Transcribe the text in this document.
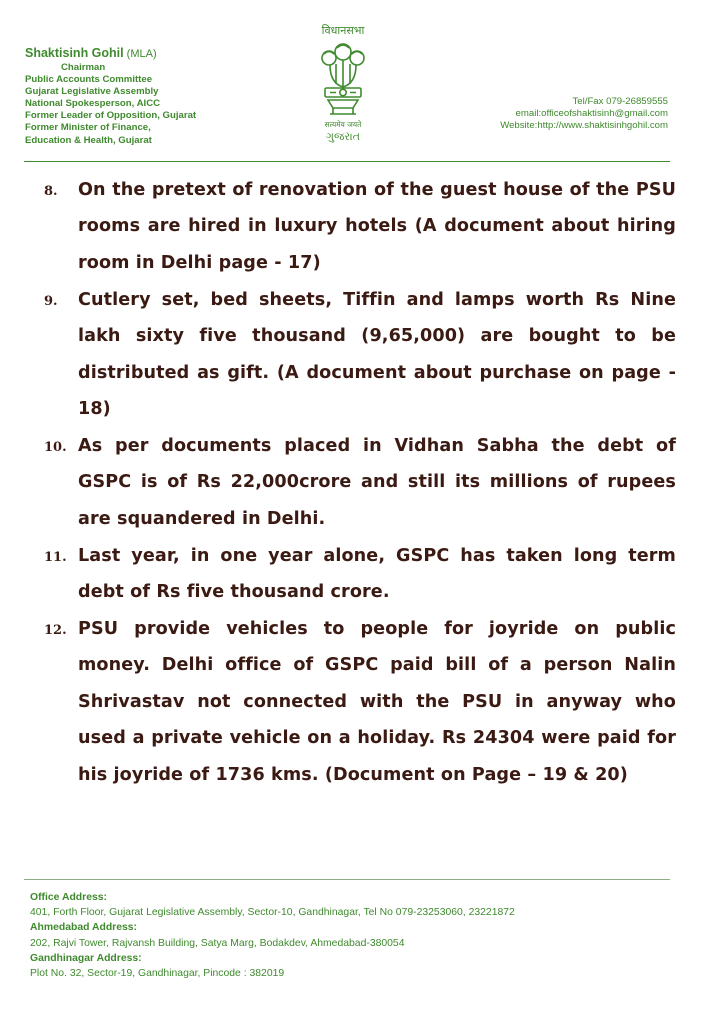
Shaktisinh Gohil (MLA)
Chairman
Public Accounts Committee
Gujarat Legislative Assembly
National Spokesperson, AICC
Former Leader of Opposition, Gujarat
Former Minister of Finance,
Education & Health, Gujarat
विधानसभा
सत्यमेव जयते
ગુજરાત
Tel/Fax 079-26859555
email:officeofshaktisinh@gmail.com
Website:http://www.shaktisinhgohil.com
8.	On the pretext of renovation of the guest house of the PSU rooms are hired in luxury hotels (A document about hiring room in Delhi page - 17)
9.	Cutlery set, bed sheets, Tiffin and lamps worth Rs Nine lakh sixty five thousand (9,65,000) are bought to be distributed as gift. (A document about purchase on page - 18)
10. As per documents placed in Vidhan Sabha the debt of GSPC is of Rs 22,000crore and still its millions of rupees are squandered in Delhi.
11. Last year, in one year alone, GSPC has taken long term debt of Rs five thousand crore.
12. PSU provide vehicles to people for joyride on public money. Delhi office of GSPC paid bill of a person Nalin Shrivastav not connected with the PSU in anyway who used a private vehicle on a holiday. Rs 24304 were paid for his joyride of 1736 kms. (Document on Page – 19 & 20)
Office Address:
401, Forth Floor, Gujarat Legislative Assembly, Sector-10, Gandhinagar, Tel No 079-23253060, 23221872
Ahmedabad Address:
202, Rajvi Tower, Rajvansh Building, Satya Marg, Bodakdev, Ahmedabad-380054
Gandhinagar Address:
Plot No. 32, Sector-19, Gandhinagar, Pincode : 382019
